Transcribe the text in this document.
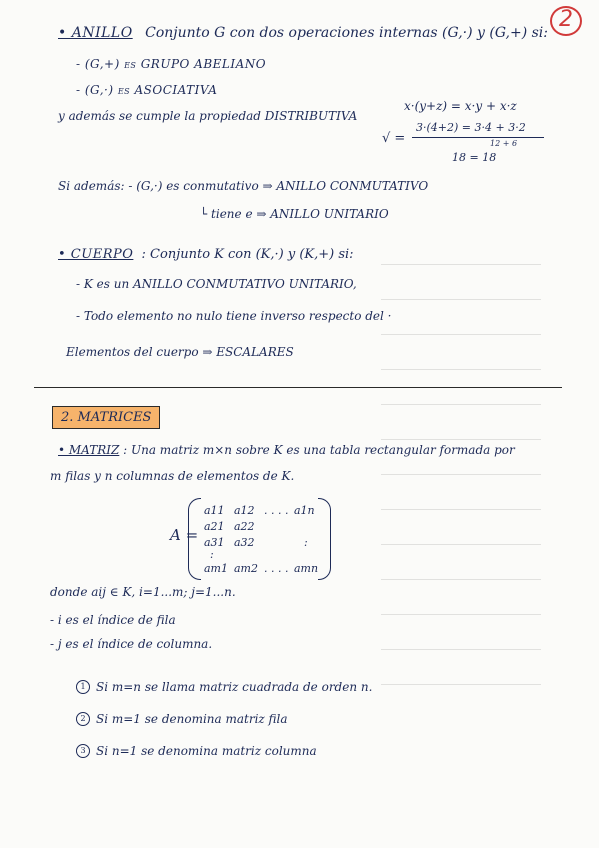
2
• ANILLO Conjunto G con dos operaciones internas (G,·) y (G,+) si:
- (G,+) es GRUPO ABELIANO
- (G,·) es ASOCIATIVA
y además se cumple la propiedad DISTRIBUTIVA
x·(y+z) = x·y + x·z
3·(4+2) = 3·4 + 3·2
√ =	12 + 6
18 = 18
Si además: - (G,·) es conmutativo ⇒ ANILLO CONMUTATIVO
└ tiene e ⇒ ANILLO UNITARIO
• CUERPO : Conjunto K con (K,·) y (K,+) si:
- K es un ANILLO CONMUTATIVO UNITARIO,
- Todo elemento no nulo tiene inverso respecto del ·
Elementos del cuerpo ⇒ ESCALARES
2. MATRICES
• MATRIZ : Una matriz m×n sobre K es una tabla rectangular formada por
m filas y n columnas de elementos de K.
A =
a11 a12 . . . . a1n
a21 a22
a31 a32
:
:
am1 am2 . . . . amn
donde aij ∈ K, i=1...m; j=1...n.
- i es el índice de fila
- j es el índice de columna.
1 Si m=n se llama matriz cuadrada de orden n.
2 Si m=1 se denomina matriz fila
3 Si n=1 se denomina matriz columna
